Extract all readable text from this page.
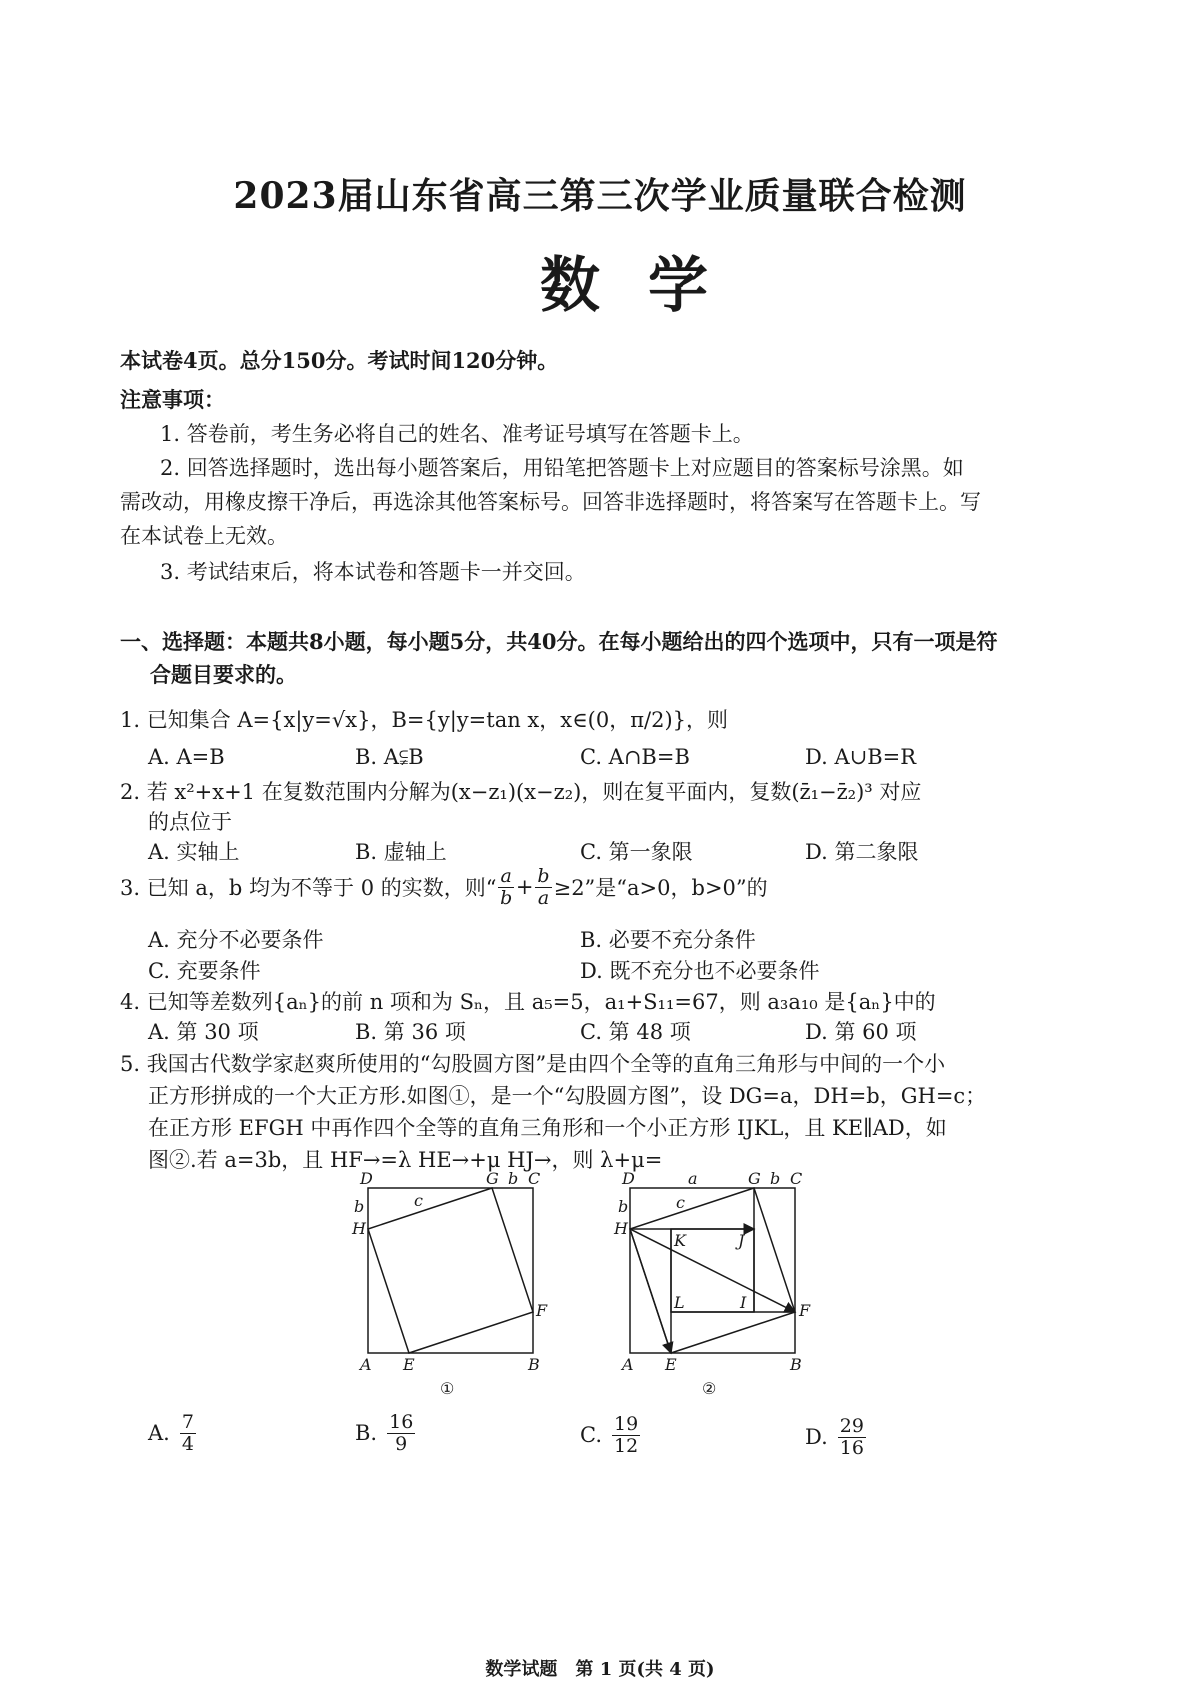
2023届山东省高三第三次学业质量联合检测
数学
本试卷4页。总分150分。考试时间120分钟。
注意事项：
1. 答卷前，考生务必将自己的姓名、准考证号填写在答题卡上。
2. 回答选择题时，选出每小题答案后，用铅笔把答题卡上对应题目的答案标号涂黑。如
需改动，用橡皮擦干净后，再选涂其他答案标号。回答非选择题时，将答案写在答题卡上。写
在本试卷上无效。
3. 考试结束后，将本试卷和答题卡一并交回。
一、选择题：本题共8小题，每小题5分，共40分。在每小题给出的四个选项中，只有一项是符
合题目要求的。
1. 已知集合 A={x|y=√x}，B={y|y=tan x，x∈(0，π/2)}，则
A. A=B	B. A⫋B	C. A∩B=B	D. A∪B=R
2. 若 x²+x+1 在复数范围内分解为(x−z₁)(x−z₂)，则在复平面内，复数(z̄₁−z̄₂)³ 对应
的点位于
A. 实轴上	B. 虚轴上	C. 第一象限	D. 第二象限
3. 已知 a，b 均为不等于 0 的实数，则“ $\frac{a}{b} + \frac{b}{a} \ge 2$”是“a>0，b>0”的
A. 充分不必要条件	B. 必要不充分条件
C. 充要条件	D. 既不充分也不必要条件
4. 已知等差数列{aₙ}的前 n 项和为 Sₙ，且 a₅=5，a₁+S₁₁=67，则 a₃a₁₀ 是{aₙ}中的
A. 第 30 项	B. 第 36 项	C. 第 48 项	D. 第 60 项
5. 我国古代数学家赵爽所使用的“勾股圆方图”是由四个全等的直角三角形与中间的一个小
正方形拼成的一个大正方形.如图①，是一个“勾股圆方图”，设 DG=a，DH=b，GH=c；
在正方形 EFGH 中再作四个全等的直角三角形和一个小正方形 IJKL，且 KE∥AD，如
图②.若 a=3b，且 HF→=λ HE→+μ HJ→，则 λ+μ=
D	G b C
b
H
c
F
A E	B
①
D	a	G b C
b	c
H
K	J
L	I	F
A E	B
②
A. $\frac{7}{4}$	B. $\frac{16}{9}$	C. $\frac{19}{12}$	D. $\frac{29}{16}$
数学试题　第 1 页(共 4 页)
